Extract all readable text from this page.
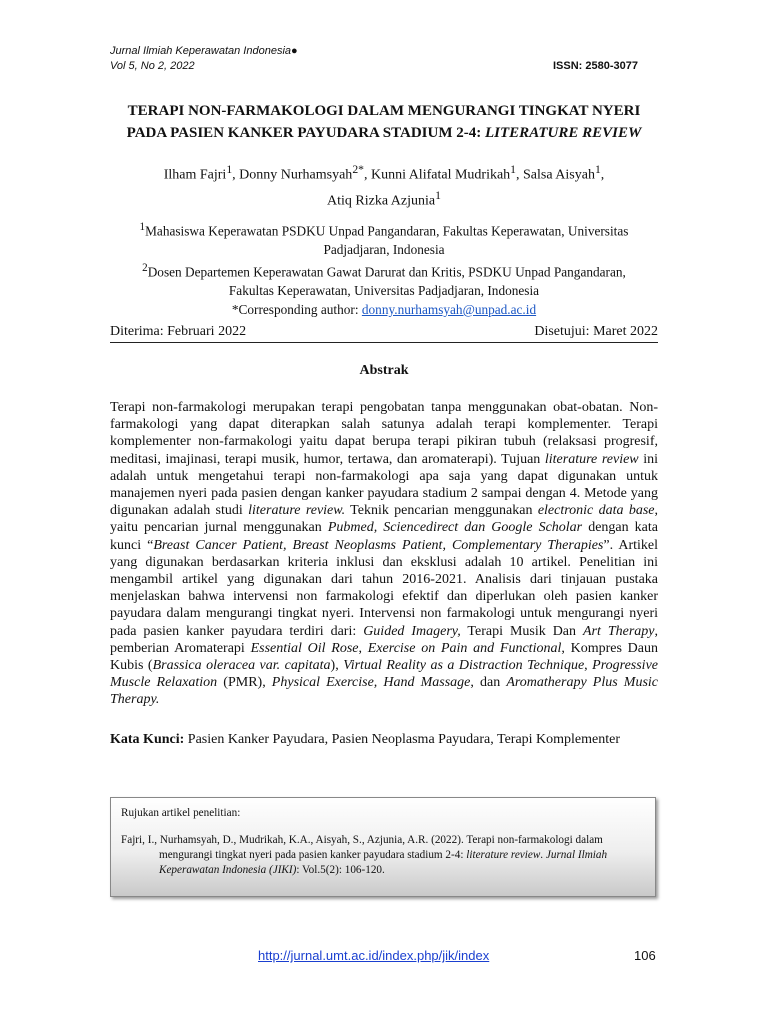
Jurnal Ilmiah Keperawatan Indonesia●
Vol 5, No 2, 2022	ISSN: 2580-3077
TERAPI NON-FARMAKOLOGI DALAM MENGURANGI TINGKAT NYERI
PADA PASIEN KANKER PAYUDARA STADIUM 2-4: LITERATURE REVIEW
Ilham Fajri$^1$, Donny Nurhamsyah$^{2*}$, Kunni Alifatal Mudrikah$^1$, Salsa Aisyah$^1$,
Atiq Rizka Azjunia$^1$
$^1$Mahasiswa Keperawatan PSDKU Unpad Pangandaran, Fakultas Keperawatan, Universitas Padjadjaran, Indonesia
$^2$Dosen Departemen Keperawatan Gawat Darurat dan Kritis, PSDKU Unpad Pangandaran,
Fakultas Keperawatan, Universitas Padjadjaran, Indonesia
*Corresponding author: donny.nurhamsyah@unpad.ac.id
Diterima: Februari 2022	Disetujui: Maret 2022
Abstrak

Terapi non-farmakologi merupakan terapi pengobatan tanpa menggunakan obat-obatan. Non-farmakologi yang dapat diterapkan salah satunya adalah terapi komplementer. Terapi komplementer non-farmakologi yaitu dapat berupa terapi pikiran tubuh (relaksasi progresif, meditasi, imajinasi, terapi musik, humor, tertawa, dan aromaterapi). Tujuan literature review ini adalah untuk mengetahui terapi non-farmakologi apa saja yang dapat digunakan untuk manajemen nyeri pada pasien dengan kanker payudara stadium 2 sampai dengan 4. Metode yang digunakan adalah studi literature review. Teknik pencarian menggunakan electronic data base, yaitu pencarian jurnal menggunakan Pubmed, Sciencedirect dan Google Scholar dengan kata kunci “Breast Cancer Patient, Breast Neoplasms Patient, Complementary Therapies”. Artikel yang digunakan berdasarkan kriteria inklusi dan eksklusi adalah 10 artikel. Penelitian ini mengambil artikel yang digunakan dari tahun 2016-2021. Analisis dari tinjauan pustaka menjelaskan bahwa intervensi non farmakologi efektif dan diperlukan oleh pasien kanker payudara dalam mengurangi tingkat nyeri. Intervensi non farmakologi untuk mengurangi nyeri pada pasien kanker payudara terdiri dari: Guided Imagery, Terapi Musik Dan Art Therapy, pemberian Aromaterapi Essential Oil Rose, Exercise on Pain and Functional, Kompres Daun Kubis (Brassica oleracea var. capitata), Virtual Reality as a Distraction Technique, Progressive Muscle Relaxation (PMR), Physical Exercise, Hand Massage, dan Aromatherapy Plus Music Therapy.

Kata Kunci: Pasien Kanker Payudara, Pasien Neoplasma Payudara, Terapi Komplementer

Rujukan artikel penelitian:
Fajri, I., Nurhamsyah, D., Mudrikah, K.A., Aisyah, S., Azjunia, A.R. (2022). Terapi non-farmakologi dalam mengurangi tingkat nyeri pada pasien kanker payudara stadium 2-4: literature review. Jurnal Ilmiah Keperawatan Indonesia (JIKI): Vol.5(2): 106-120.
http://jurnal.umt.ac.id/index.php/jik/index	106
